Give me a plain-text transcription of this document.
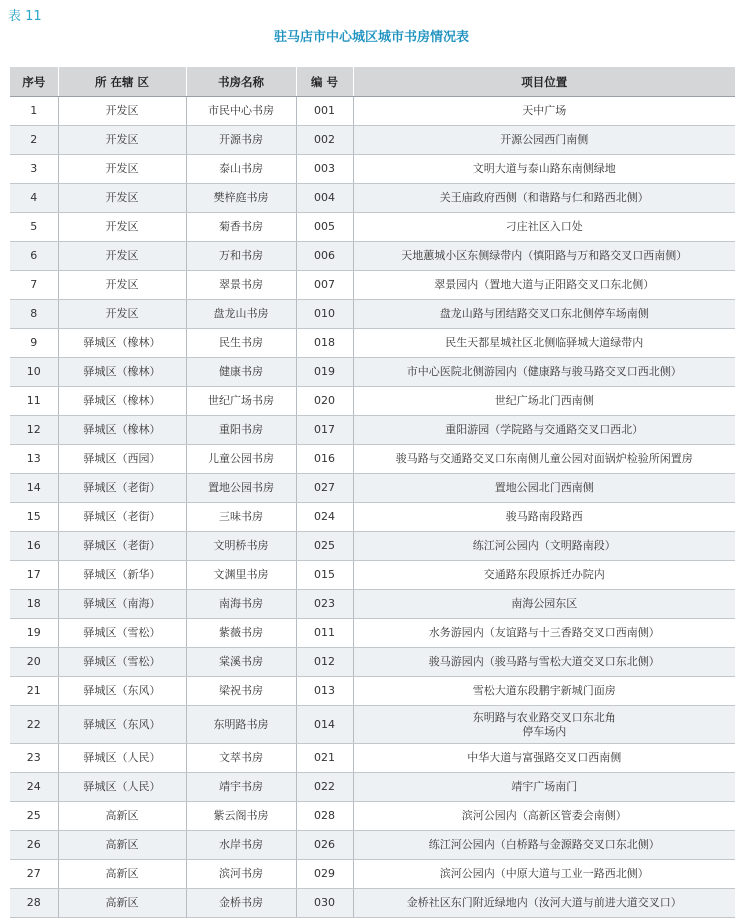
表 11
驻马店市中心城区城市书房情况表
序号	所 在辖 区	书房名称	编 号	项目位置
1	开发区	市民中心书房	001	天中广场
2	开发区	开源书房	002	开源公园西门南侧
3	开发区	泰山书房	003	文明大道与泰山路东南侧绿地
4	开发区	樊梓庭书房	004	关王庙政府西侧（和谐路与仁和路西北侧）
5	开发区	菊香书房	005	刁庄社区入口处
6	开发区	万和书房	006	天地蕙城小区东侧绿带内（慎阳路与万和路交叉口西南侧）
7	开发区	翠景书房	007	翠景园内（置地大道与正阳路交叉口东北侧）
8	开发区	盘龙山书房	010	盘龙山路与团结路交叉口东北侧停车场南侧
9	驿城区（橡林）	民生书房	018	民生天都星城社区北侧临驿城大道绿带内
10	驿城区（橡林）	健康书房	019	市中心医院北侧游园内（健康路与骏马路交叉口西北侧）
11	驿城区（橡林）	世纪广场书房	020	世纪广场北门西南侧
12	驿城区（橡林）	重阳书房	017	重阳游园（学院路与交通路交叉口西北）
13	驿城区（西园）	儿童公园书房	016	骏马路与交通路交叉口东南侧儿童公园对面锅炉检验所闲置房
14	驿城区（老街）	置地公园书房	027	置地公园北门西南侧
15	驿城区（老街）	三味书房	024	骏马路南段路西
16	驿城区（老街）	文明桥书房	025	练江河公园内（文明路南段）
17	驿城区（新华）	文渊里书房	015	交通路东段原拆迁办院内
18	驿城区（南海）	南海书房	023	南海公园东区
19	驿城区（雪松）	紫薇书房	011	水务游园内（友谊路与十三香路交叉口西南侧）
20	驿城区（雪松）	棠溪书房	012	骏马游园内（骏马路与雪松大道交叉口东北侧）
21	驿城区（东风）	梁祝书房	013	雪松大道东段鹏宇新城门面房
22	驿城区（东风）	东明路书房	014	东明路与农业路交叉口东北角
停车场内
23	驿城区（人民）	文萃书房	021	中华大道与富强路交叉口西南侧
24	驿城区（人民）	靖宇书房	022	靖宇广场南门
25	高新区	紫云阁书房	028	滨河公园内（高新区管委会南侧）
26	高新区	水岸书房	026	练江河公园内（白桥路与金源路交叉口东北侧）
27	高新区	滨河书房	029	滨河公园内（中原大道与工业一路西北侧）
28	高新区	金桥书房	030	金桥社区东门附近绿地内（汝河大道与前进大道交叉口）
